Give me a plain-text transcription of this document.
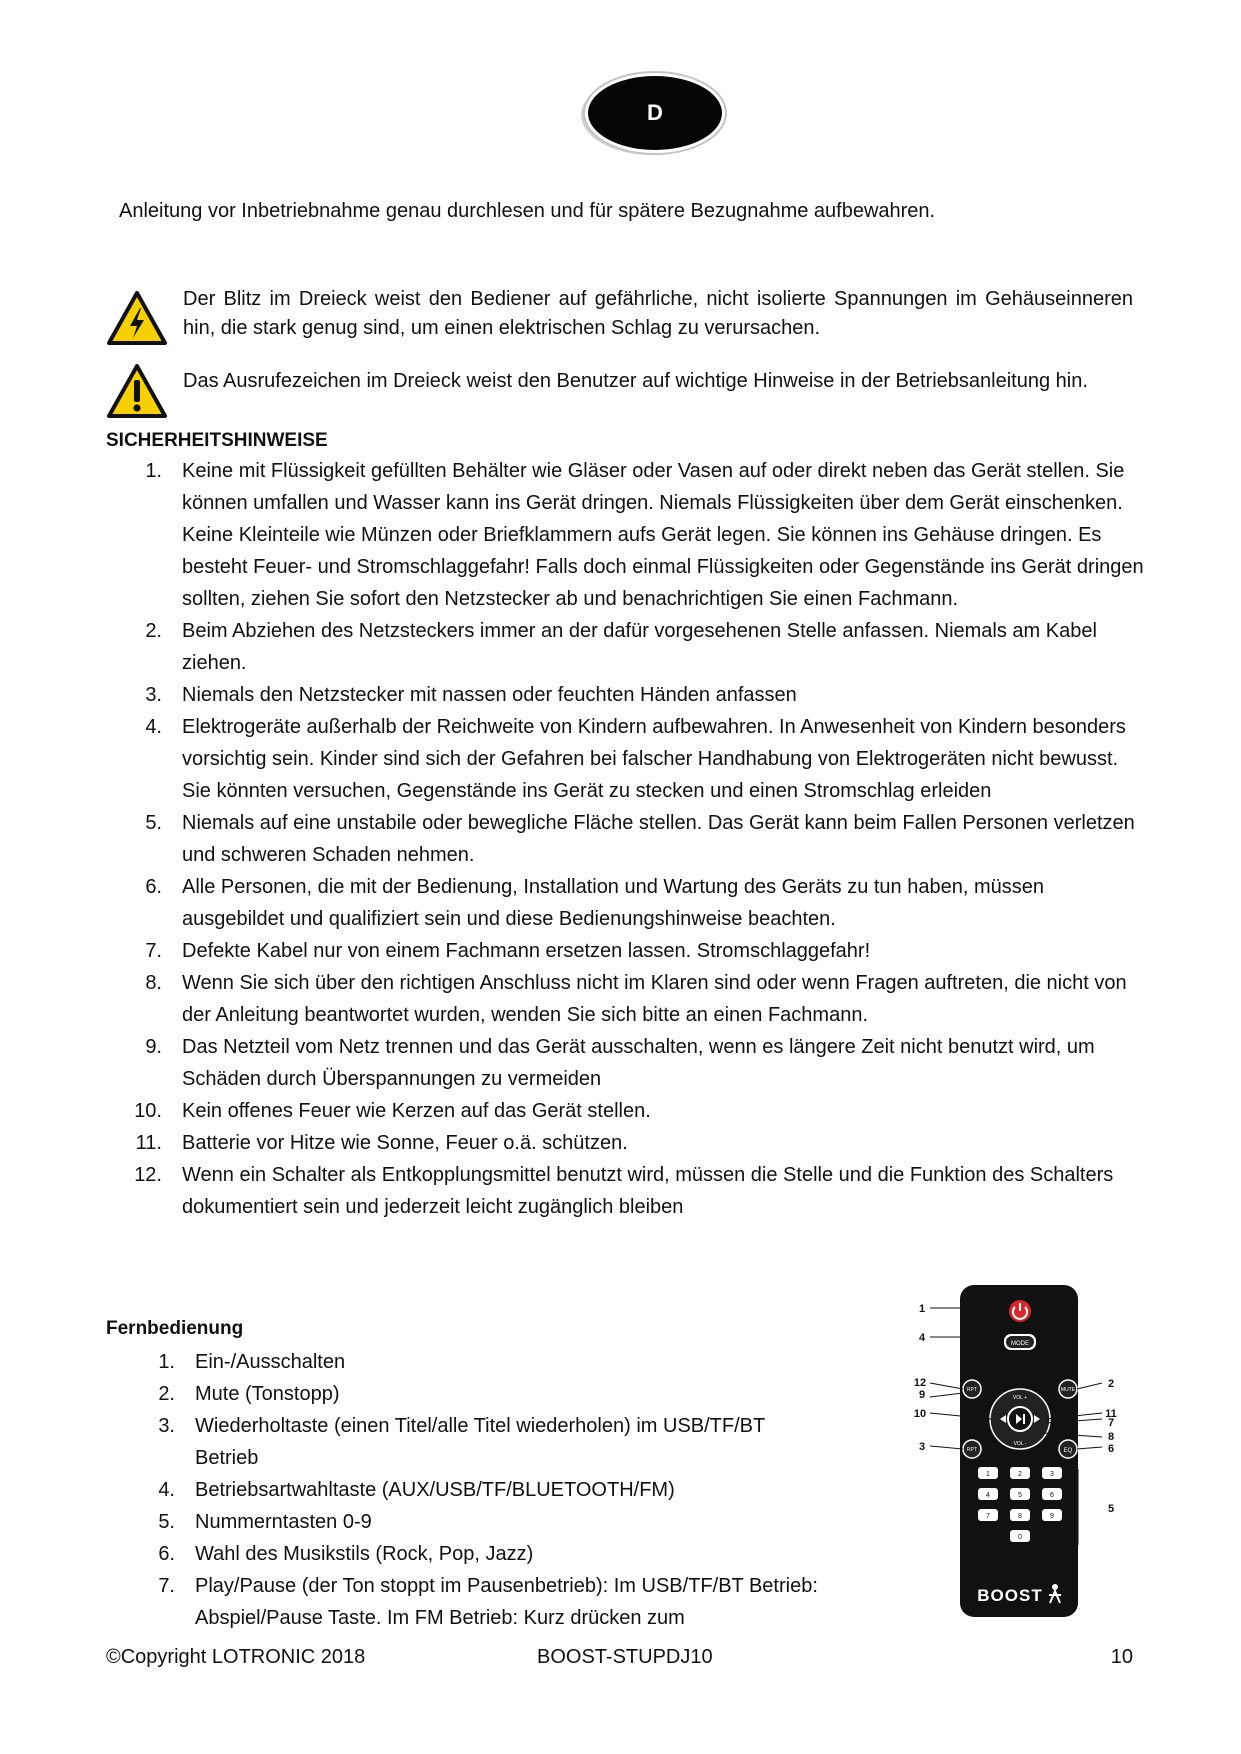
D
Anleitung vor Inbetriebnahme genau durchlesen und für spätere Bezugnahme aufbewahren.
Der Blitz im Dreieck weist den Bediener auf gefährliche, nicht isolierte Spannungen im Gehäuseinneren hin, die stark genug sind, um einen elektrischen Schlag zu verursachen.
Das Ausrufezeichen im Dreieck weist den Benutzer auf wichtige Hinweise in der Betriebsanleitung hin.
SICHERHEITSHINWEISE
1. Keine mit Flüssigkeit gefüllten Behälter wie Gläser oder Vasen auf oder direkt neben das Gerät stellen. Sie können umfallen und Wasser kann ins Gerät dringen. Niemals Flüssigkeiten über dem Gerät einschenken. Keine Kleinteile wie Münzen oder Briefklammern aufs Gerät legen. Sie können ins Gehäuse dringen. Es besteht Feuer- und Stromschlaggefahr! Falls doch einmal Flüssigkeiten oder Gegenstände ins Gerät dringen sollten, ziehen Sie sofort den Netzstecker ab und benachrichtigen Sie einen Fachmann.
2. Beim Abziehen des Netzsteckers immer an der dafür vorgesehenen Stelle anfassen. Niemals am Kabel ziehen.
3. Niemals den Netzstecker mit nassen oder feuchten Händen anfassen
4. Elektrogeräte außerhalb der Reichweite von Kindern aufbewahren. In Anwesenheit von Kindern besonders vorsichtig sein. Kinder sind sich der Gefahren bei falscher Handhabung von Elektrogeräten nicht bewusst. Sie könnten versuchen, Gegenstände ins Gerät zu stecken und einen Stromschlag erleiden
5. Niemals auf eine unstabile oder bewegliche Fläche stellen. Das Gerät kann beim Fallen Personen verletzen und schweren Schaden nehmen.
6. Alle Personen, die mit der Bedienung, Installation und Wartung des Geräts zu tun haben, müssen ausgebildet und qualifiziert sein und diese Bedienungshinweise beachten.
7. Defekte Kabel nur von einem Fachmann ersetzen lassen. Stromschlaggefahr!
8. Wenn Sie sich über den richtigen Anschluss nicht im Klaren sind oder wenn Fragen auftreten, die nicht von der Anleitung beantwortet wurden, wenden Sie sich bitte an einen Fachmann.
9. Das Netzteil vom Netz trennen und das Gerät ausschalten, wenn es längere Zeit nicht benutzt wird, um Schäden durch Überspannungen zu vermeiden
10. Kein offenes Feuer wie Kerzen auf das Gerät stellen.
11. Batterie vor Hitze wie Sonne, Feuer o.ä. schützen.
12. Wenn ein Schalter als Entkopplungsmittel benutzt wird, müssen die Stelle und die Funktion des Schalters dokumentiert sein und jederzeit leicht zugänglich bleiben
Fernbedienung
1. Ein-/Ausschalten
2. Mute (Tonstopp)
3. Wiederholtaste (einen Titel/alle Titel wiederholen) im USB/TF/BT Betrieb
4. Betriebsartwahltaste (AUX/USB/TF/BLUETOOTH/FM)
5. Nummerntasten 0-9
6. Wahl des Musikstils (Rock, Pop, Jazz)
7. Play/Pause (der Ton stoppt im Pausenbetrieb): Im USB/TF/BT Betrieb: Abspiel/Pause Taste. Im FM Betrieb: Kurz drücken zum
MODE
RPT	MUTE
VOL +
VOL -
RPT	EQ
1	2	3
4	5	6
7	8	9
0
BOOST
1
4
12
9
10
3
2
11
7
8
6
5
©Copyright LOTRONIC 2018	BOOST-STUPDJ10	10
